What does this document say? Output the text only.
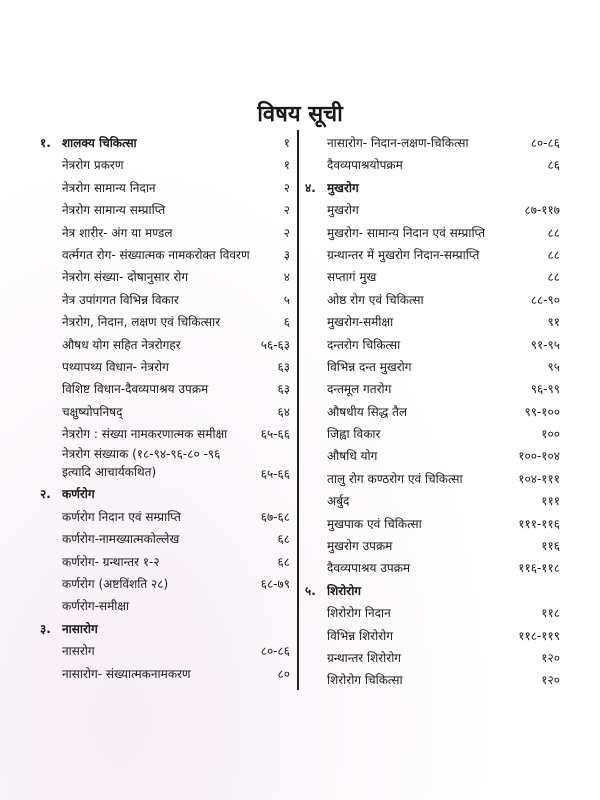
विषय सूची
१. शालक्य चिकित्सा	१
नेत्ररोग प्रकरण	१
नेत्ररोग सामान्य निदान	२
नेत्ररोग सामान्य सम्प्राप्ति	२
नेत्र शारीर- अंग या मण्डल	२
वर्त्मगत रोग- संख्यात्मक नामकरोक्त विवरण	३
नेत्ररोग संख्या- दोषानुसार रोग	४
नेत्र उपांगगत विभिन्न विकार	५
नेत्ररोग, निदान, लक्षण एवं चिकित्सार	६
औषध योग सहित नेत्ररोगहर	५६-६३
पथ्यापथ्य विधान- नेत्ररोग	६३
विशिष्ट विधान-दैवव्यपाश्रय उपक्रम	६३
चक्षुष्योपनिषद्	६४
नेत्ररोग : संख्या नामकरणात्मक समीक्षा	६५-६६
नेत्ररोग संख्याक (१८-९४-९६-८० -९६ इत्यादि आचार्यकथित)	६५-६६
२. कर्णरोग
कर्णरोग निदान एवं सम्प्राप्ति	६७-६८
कर्णरोग-नामख्यात्मकोल्लेख	६८
कर्णरोग- ग्रन्थान्तर १-२	६८
कर्णरोग (अष्टविंशति २८)	६८-७९
कर्णरोग-समीक्षा
३. नासारोग
नासरोग	८०-८६
नासारोग- संख्यात्मकनामकरण	८०
नासारोग- निदान-लक्षण-चिकित्सा	८०-८६
दैवव्यपाश्रयोपक्रम	८६
४. मुखरोग
मुखरोग	८७-११७
मुखरोग- सामान्य निदान एवं सम्प्राप्ति	८८
ग्रन्थान्तर में मुखरोग निदान-सम्प्राप्ति	८८
सप्तागं मुख	८८
ओष्ठ रोग एवं चिकित्सा	८८-९०
मुखरोग-समीक्षा	९१
दन्तरोग चिकित्सा	९१-९५
विभिन्न दन्त मुखरोग	९५
दन्तमूल गतरोग	९६-९९
औषधीय सिद्ध तैल	९९-१००
जिह्वा विकार	१००
औषधि योग	१००-१०४
तालु रोग कण्ठरोग एवं चिकित्सा	१०४-१११
अर्बुद	१११
मुखपाक एवं चिकित्सा	१११-११६
मुखरोग उपक्रम	११६
दैवव्यपाश्रय उपक्रम	११६-११८
५. शिरोरोग
शिरोरोग निदान	११८
विभिन्न शिरोरोग	११८-११९
ग्रन्थान्तर शिरोरोग	१२०
शिरोरोग चिकित्सा	१२०
